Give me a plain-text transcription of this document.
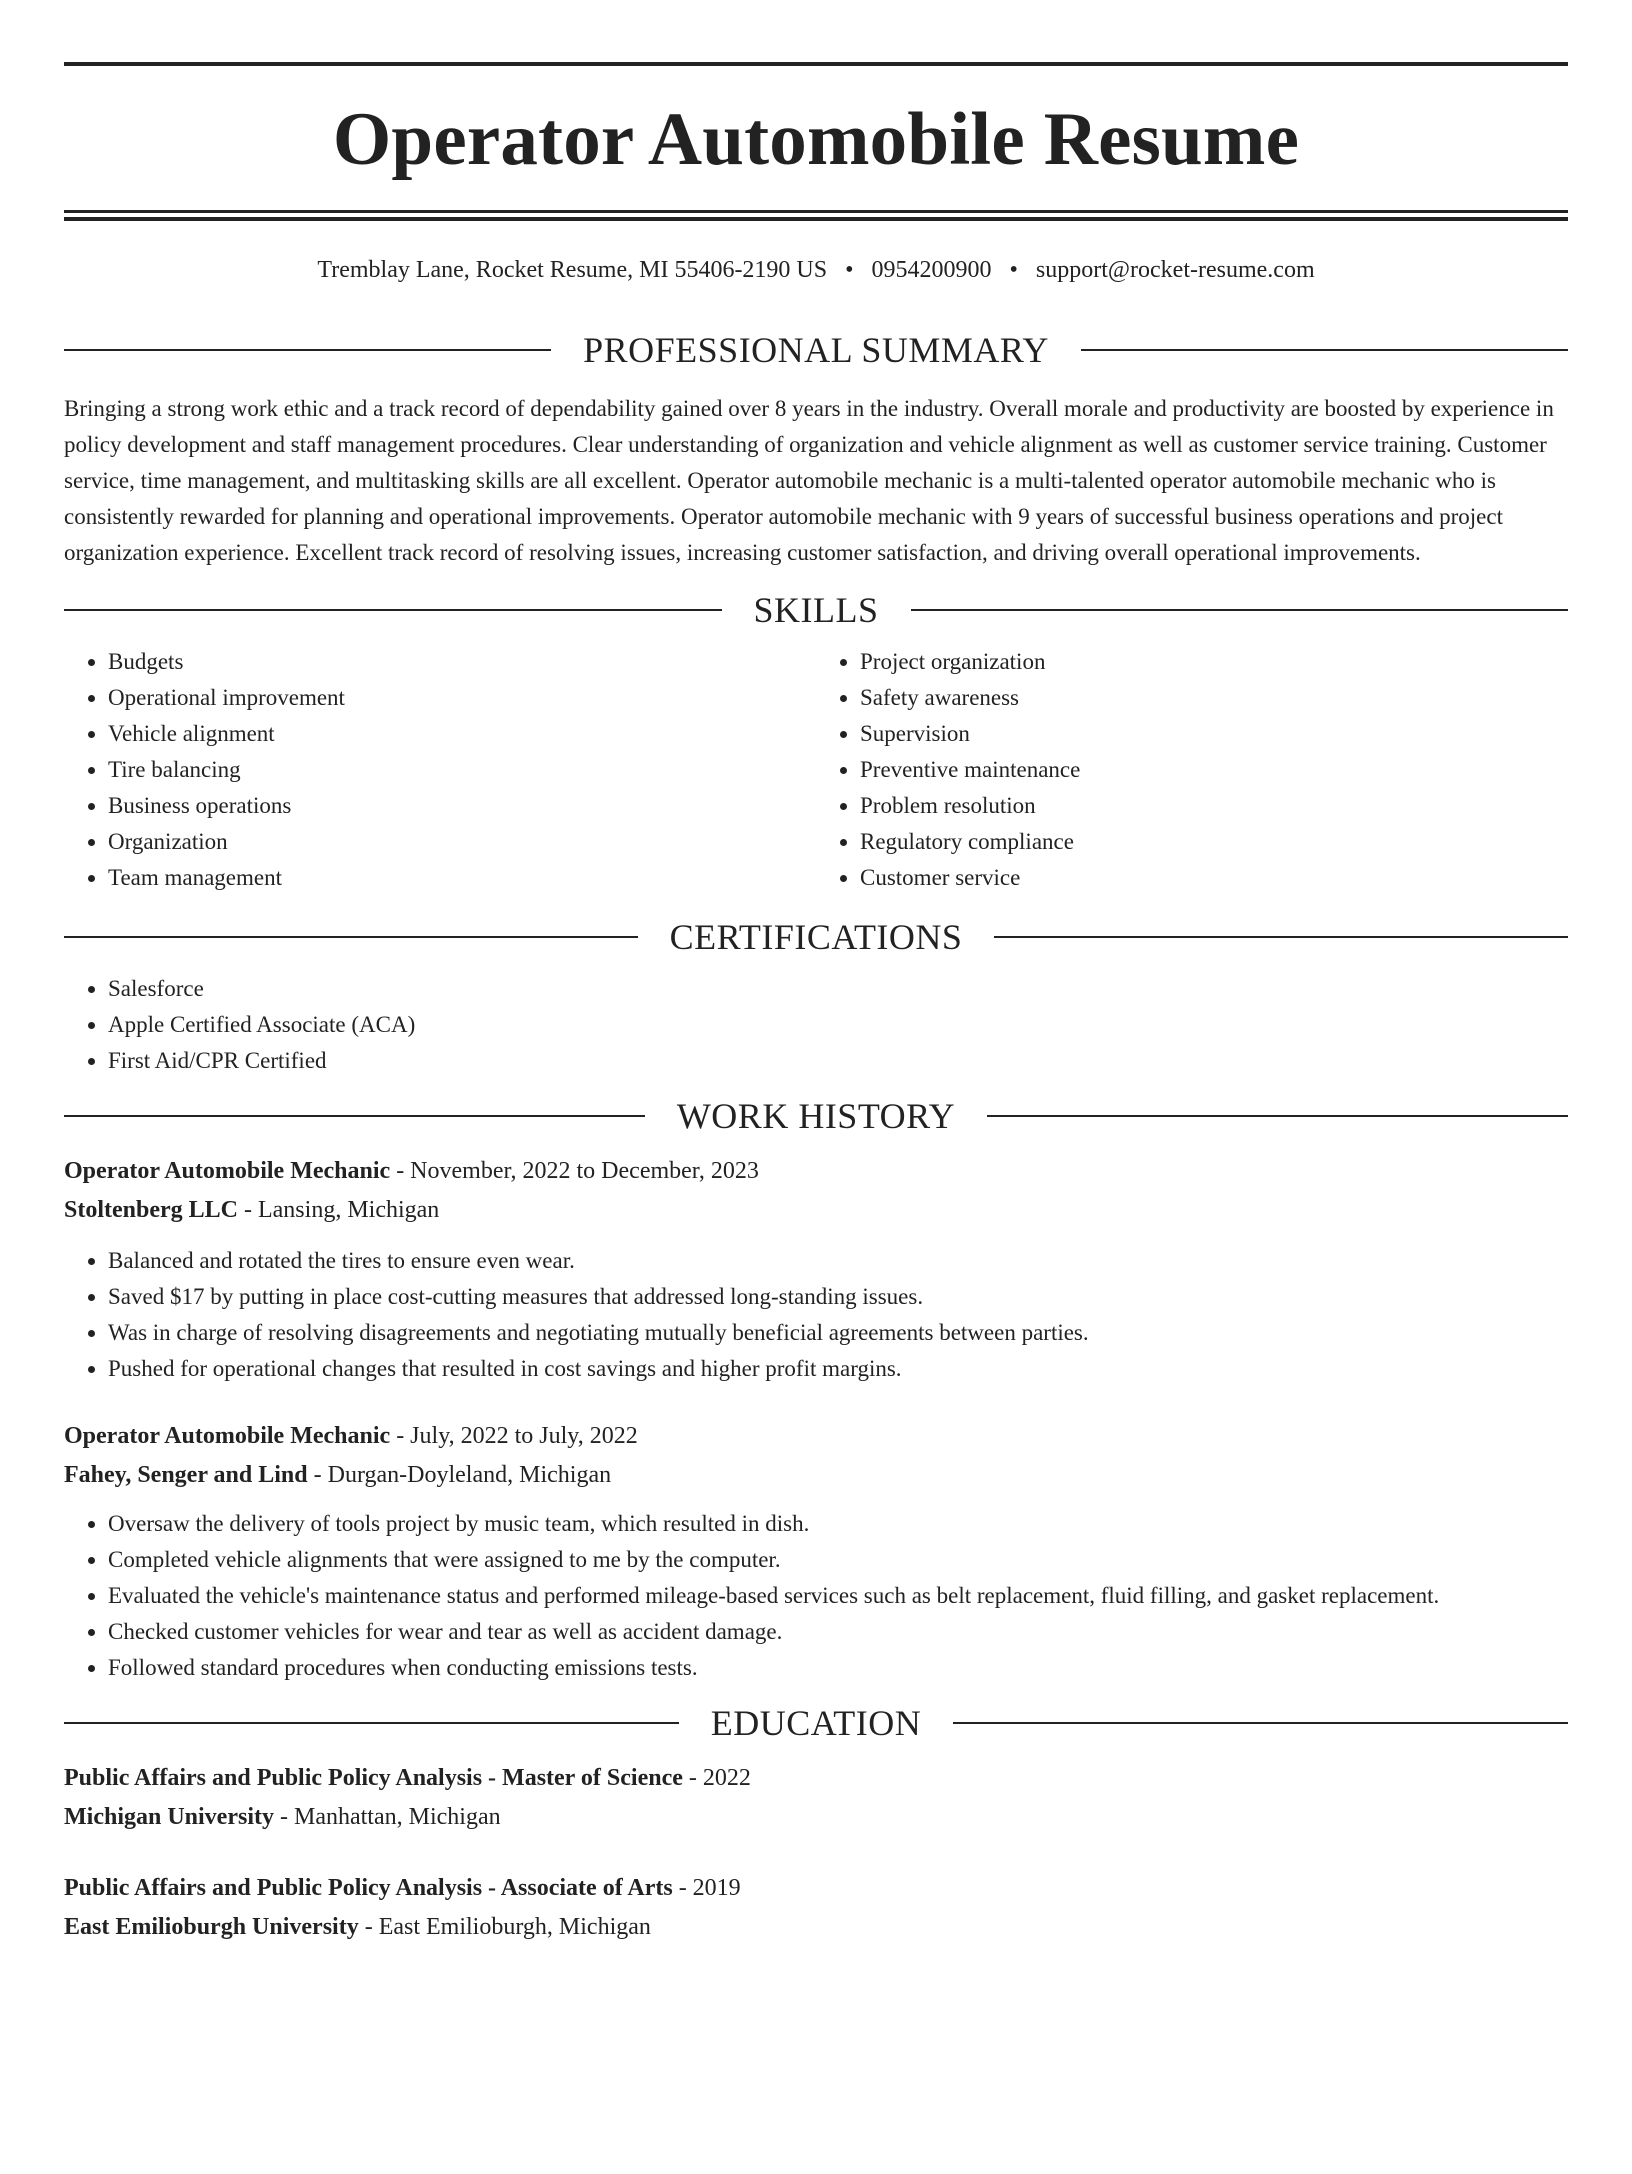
Operator Automobile Resume
Tremblay Lane, Rocket Resume, MI 55406-2190 US • 0954200900 • support@rocket-resume.com
PROFESSIONAL SUMMARY

Bringing a strong work ethic and a track record of dependability gained over 8 years in the industry. Overall morale and productivity are boosted by experience in policy development and staff management procedures. Clear understanding of organization and vehicle alignment as well as customer service training. Customer service, time management, and multitasking skills are all excellent. Operator automobile mechanic is a multi-talented operator automobile mechanic who is consistently rewarded for planning and operational improvements. Operator automobile mechanic with 9 years of successful business operations and project organization experience. Excellent track record of resolving issues, increasing customer satisfaction, and driving overall operational improvements.

SKILLS
• Budgets
• Operational improvement
• Vehicle alignment
• Tire balancing
• Business operations
• Organization
• Team management
• Project organization
• Safety awareness
• Supervision
• Preventive maintenance
• Problem resolution
• Regulatory compliance
• Customer service
CERTIFICATIONS
• Salesforce
• Apple Certified Associate (ACA)
• First Aid/CPR Certified
WORK HISTORY
Operator Automobile Mechanic - November, 2022 to December, 2023
Stoltenberg LLC - Lansing, Michigan
• Balanced and rotated the tires to ensure even wear.
• Saved $17 by putting in place cost-cutting measures that addressed long-standing issues.
• Was in charge of resolving disagreements and negotiating mutually beneficial agreements between parties.
• Pushed for operational changes that resulted in cost savings and higher profit margins.
Operator Automobile Mechanic - July, 2022 to July, 2022
Fahey, Senger and Lind - Durgan-Doyleland, Michigan
• Oversaw the delivery of tools project by music team, which resulted in dish.
• Completed vehicle alignments that were assigned to me by the computer.
• Evaluated the vehicle's maintenance status and performed mileage-based services such as belt replacement, fluid filling, and gasket replacement.
• Checked customer vehicles for wear and tear as well as accident damage.
• Followed standard procedures when conducting emissions tests.
EDUCATION
Public Affairs and Public Policy Analysis - Master of Science - 2022
Michigan University - Manhattan, Michigan
Public Affairs and Public Policy Analysis - Associate of Arts - 2019
East Emilioburgh University - East Emilioburgh, Michigan
